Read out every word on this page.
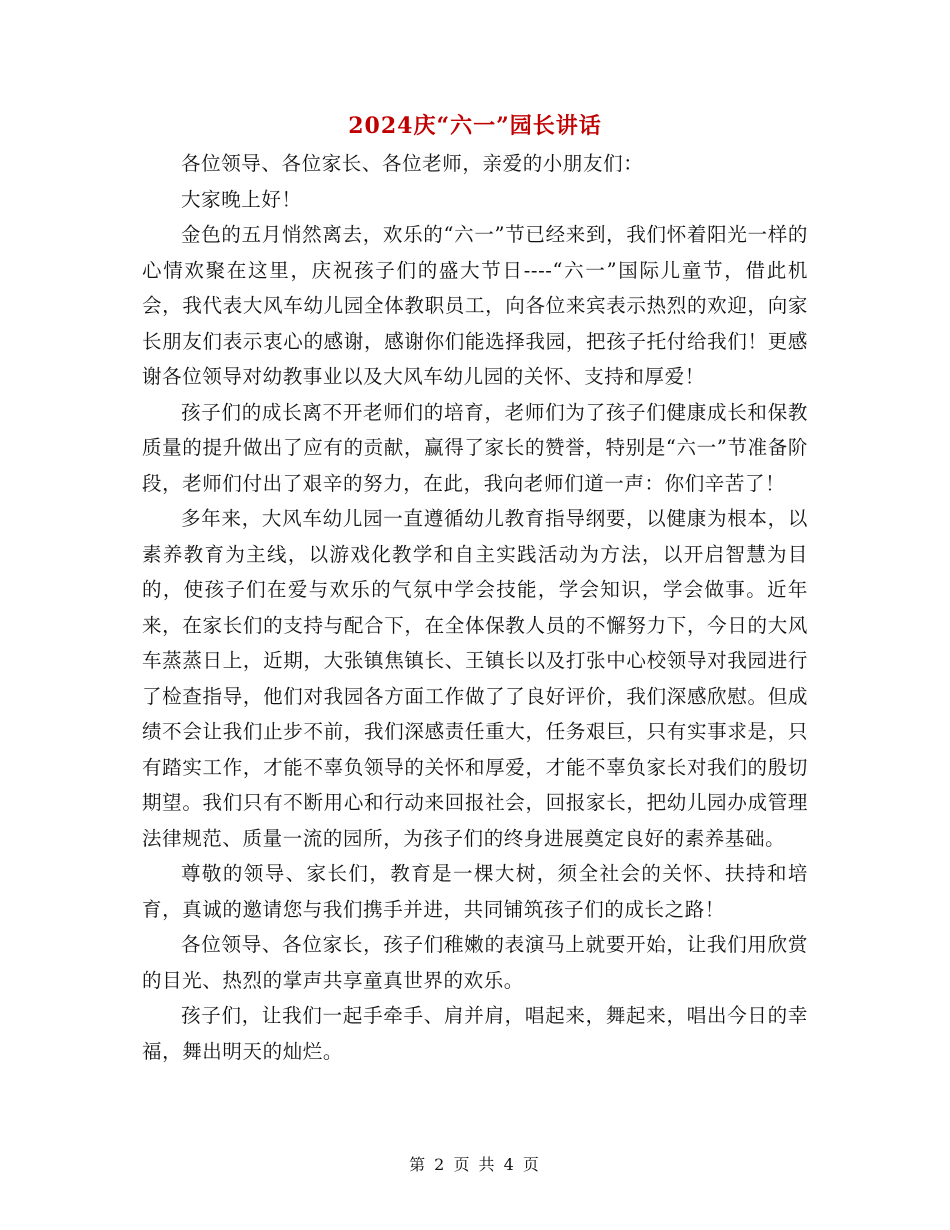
2024庆“六一”园长讲话

各位领导、各位家长、各位老师，亲爱的小朋友们：

大家晚上好！

金色的五月悄然离去，欢乐的“六一”节已经来到，我们怀着阳光一样的心情欢聚在这里，庆祝孩子们的盛大节日----“六一”国际儿童节，借此机会，我代表大风车幼儿园全体教职员工，向各位来宾表示热烈的欢迎，向家长朋友们表示衷心的感谢，感谢你们能选择我园，把孩子托付给我们！更感谢各位领导对幼教事业以及大风车幼儿园的关怀、支持和厚爱！

孩子们的成长离不开老师们的培育，老师们为了孩子们健康成长和保教质量的提升做出了应有的贡献，赢得了家长的赞誉，特别是“六一”节准备阶段，老师们付出了艰辛的努力，在此，我向老师们道一声：你们辛苦了！

多年来，大风车幼儿园一直遵循幼儿教育指导纲要，以健康为根本，以素养教育为主线，以游戏化教学和自主实践活动为方法，以开启智慧为目的，使孩子们在爱与欢乐的气氛中学会技能，学会知识，学会做事。近年来，在家长们的支持与配合下，在全体保教人员的不懈努力下，今日的大风车蒸蒸日上，近期，大张镇焦镇长、王镇长以及打张中心校领导对我园进行了检查指导，他们对我园各方面工作做了了良好评价，我们深感欣慰。但成绩不会让我们止步不前，我们深感责任重大，任务艰巨，只有实事求是，只有踏实工作，才能不辜负领导的关怀和厚爱，才能不辜负家长对我们的殷切期望。我们只有不断用心和行动来回报社会，回报家长，把幼儿园办成管理法律规范、质量一流的园所，为孩子们的终身进展奠定良好的素养基础。

尊敬的领导、家长们，教育是一棵大树，须全社会的关怀、扶持和培育，真诚的邀请您与我们携手并进，共同铺筑孩子们的成长之路！

各位领导、各位家长，孩子们稚嫩的表演马上就要开始，让我们用欣赏的目光、热烈的掌声共享童真世界的欢乐。

孩子们，让我们一起手牵手、肩并肩，唱起来，舞起来，唱出今日的幸福，舞出明天的灿烂。

第 2 页 共 4 页
